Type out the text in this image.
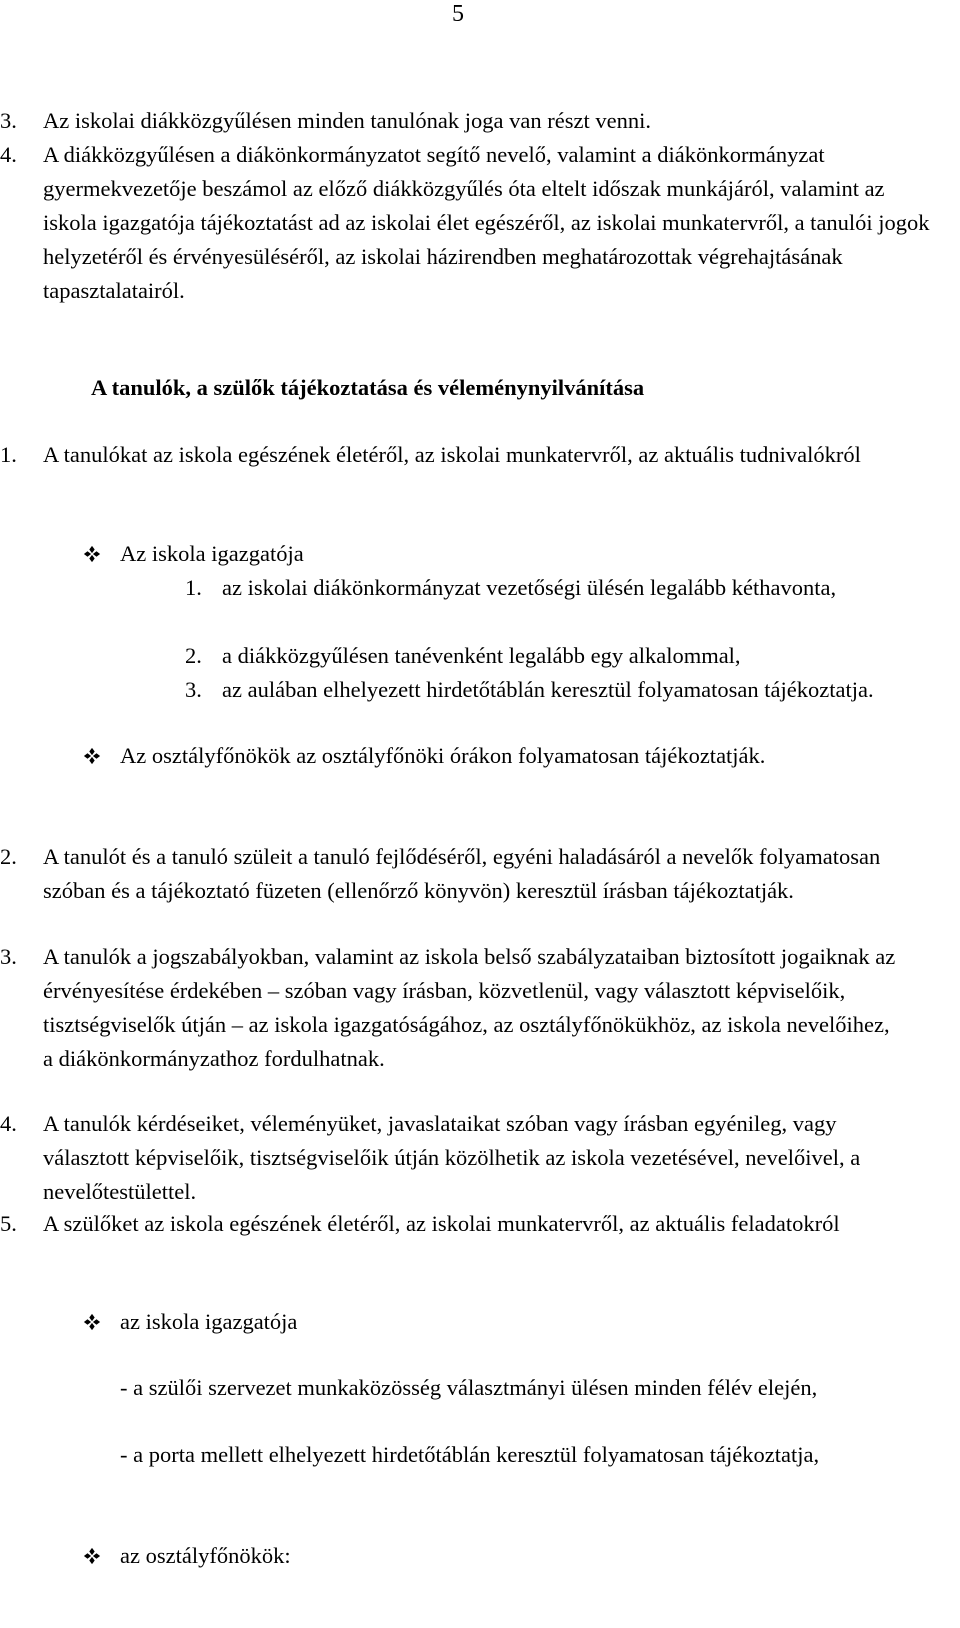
5
3.	Az iskolai diákközgyűlésen minden tanulónak joga van részt venni.
4.	A diákközgyűlésen a diákönkormányzatot segítő nevelő, valamint a diákönkormányzat gyermekvezetője beszámol az előző diákközgyűlés óta eltelt időszak munkájáról, valamint az iskola igazgatója tájékoztatást ad az iskolai élet egészéről, az iskolai munkatervről, a tanulói jogok helyzetéről és érvényesüléséről, az iskolai házirendben meghatározottak végrehajtásának tapasztalatairól.
A tanulók, a szülők tájékoztatása és véleménynyilvánítása
1.	A tanulókat az iskola egészének életéről, az iskolai munkatervről, az aktuális tudnivalókról
Az iskola igazgatója
1. az iskolai diákönkormányzat vezetőségi ülésén legalább kéthavonta,
2. a diákközgyűlésen tanévenként legalább egy alkalommal,
3. az aulában elhelyezett hirdetőtáblán keresztül folyamatosan tájékoztatja.
Az osztályfőnökök az osztályfőnöki órákon folyamatosan tájékoztatják.
2.	A tanulót és a tanuló szüleit a tanuló fejlődéséről, egyéni haladásáról a nevelők folyamatosan szóban és a tájékoztató füzeten (ellenőrző könyvön) keresztül írásban tájékoztatják.
3.	A tanulók a jogszabályokban, valamint az iskola belső szabályzataiban biztosított jogaiknak az érvényesítése érdekében – szóban vagy írásban, közvetlenül, vagy választott képviselőik, tisztségviselők útján – az iskola igazgatóságához, az osztályfőnökükhöz, az iskola nevelőihez, a diákönkormányzathoz fordulhatnak.
4.	A tanulók kérdéseiket, véleményüket, javaslataikat szóban vagy írásban egyénileg, vagy választott képviselőik, tisztségviselőik útján közölhetik az iskola vezetésével, nevelőivel, a nevelőtestülettel.
5.	A szülőket az iskola egészének életéről, az iskolai munkatervről, az aktuális feladatokról
az iskola igazgatója
- a szülői szervezet munkaközösség választmányi ülésen minden félév elején,
- a porta mellett elhelyezett hirdetőtáblán keresztül folyamatosan tájékoztatja,
az osztályfőnökök:
